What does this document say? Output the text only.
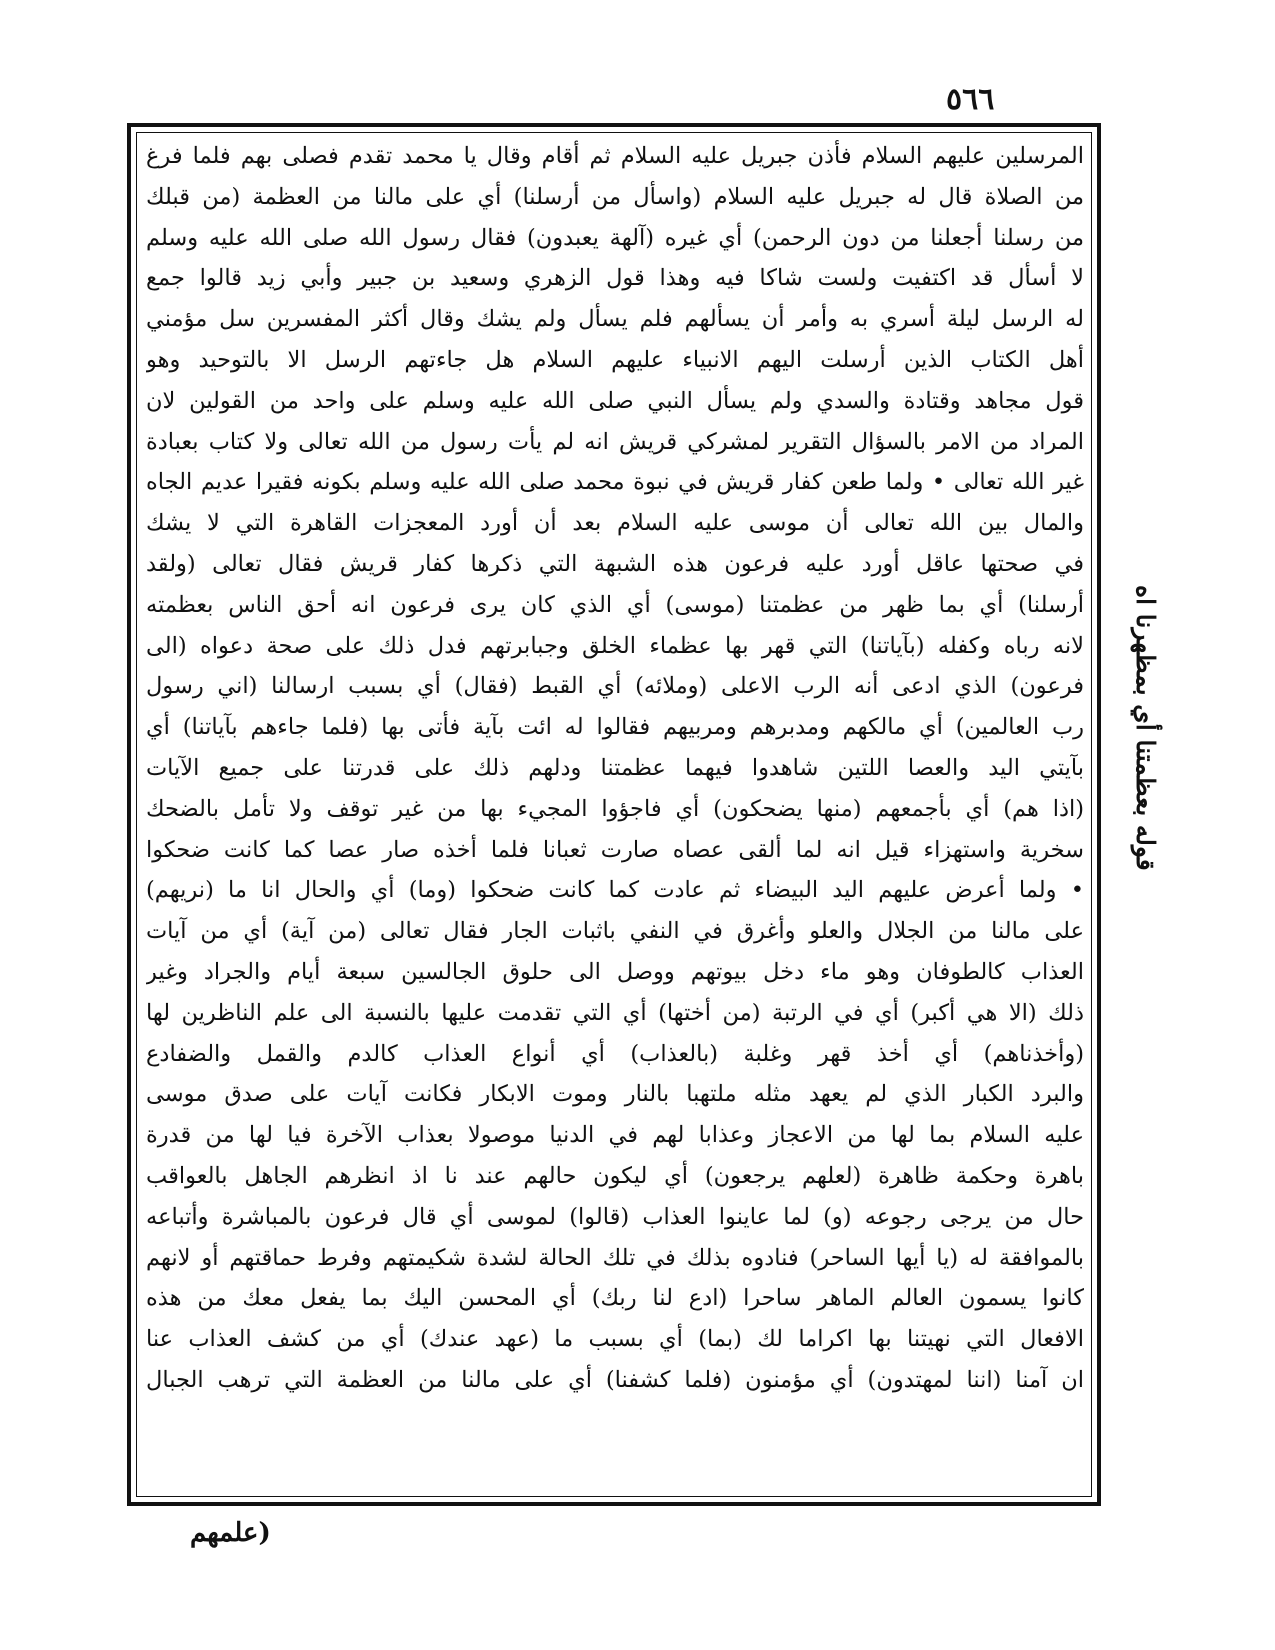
٥٦٦
المرسلين عليهم السلام فأذن جبريل عليه السلام ثم أقام وقال يا محمد تقدم فصلى بهم فلما فرغ
من الصلاة قال له جبريل عليه السلام (واسأل من أرسلنا) أي على مالنا من العظمة (من قبلك
من رسلنا أجعلنا من دون الرحمن) أي غيره (آلهة يعبدون) فقال رسول الله صلى الله عليه وسلم
لا أسأل قد اكتفيت ولست شاكا فيه وهذا قول الزهري وسعيد بن جبير وأبي زيد قالوا جمع
له الرسل ليلة أسري به وأمر أن يسألهم فلم يسأل ولم يشك وقال أكثر المفسرين سل مؤمني
أهل الكتاب الذين أرسلت اليهم الانبياء عليهم السلام هل جاءتهم الرسل الا بالتوحيد وهو
قول مجاهد وقتادة والسدي ولم يسأل النبي صلى الله عليه وسلم على واحد من القولين لان
المراد من الامر بالسؤال التقرير لمشركي قريش انه لم يأت رسول من الله تعالى ولا كتاب بعبادة
غير الله تعالى • ولما طعن كفار قريش في نبوة محمد صلى الله عليه وسلم بكونه فقيرا عديم الجاه
والمال بين الله تعالى أن موسى عليه السلام بعد أن أورد المعجزات القاهرة التي لا يشك
في صحتها عاقل أورد عليه فرعون هذه الشبهة التي ذكرها كفار قريش فقال تعالى (ولقد
أرسلنا) أي بما ظهر من عظمتنا (موسى) أي الذي كان يرى فرعون انه أحق الناس بعظمته
لانه رباه وكفله (بآياتنا) التي قهر بها عظماء الخلق وجبابرتهم فدل ذلك على صحة دعواه (الى
فرعون) الذي ادعى أنه الرب الاعلى (وملائه) أي القبط (فقال) أي بسبب ارسالنا (اني رسول
رب العالمين) أي مالكهم ومدبرهم ومربيهم فقالوا له ائت بآية فأتى بها (فلما جاءهم بآياتنا) أي
بآيتي اليد والعصا اللتين شاهدوا فيهما عظمتنا ودلهم ذلك على قدرتنا على جميع الآيات
(اذا هم) أي بأجمعهم (منها يضحكون) أي فاجؤوا المجيء بها من غير توقف ولا تأمل بالضحك
سخرية واستهزاء قيل انه لما ألقى عصاه صارت ثعبانا فلما أخذه صار عصا كما كانت ضحكوا
• ولما أعرض عليهم اليد البيضاء ثم عادت كما كانت ضحكوا (وما) أي والحال انا ما (نريهم)
على مالنا من الجلال والعلو وأغرق في النفي باثبات الجار فقال تعالى (من آية) أي من آيات
العذاب كالطوفان وهو ماء دخل بيوتهم ووصل الى حلوق الجالسين سبعة أيام والجراد وغير
ذلك (الا هي أكبر) أي في الرتبة (من أختها) أي التي تقدمت عليها بالنسبة الى علم الناظرين لها
(وأخذناهم) أي أخذ قهر وغلبة (بالعذاب) أي أنواع العذاب كالدم والقمل والضفادع
والبرد الكبار الذي لم يعهد مثله ملتهبا بالنار وموت الابكار فكانت آيات على صدق موسى
عليه السلام بما لها من الاعجاز وعذابا لهم في الدنيا موصولا بعذاب الآخرة فيا لها من قدرة
باهرة وحكمة ظاهرة (لعلهم يرجعون) أي ليكون حالهم عند نا اذ انظرهم الجاهل بالعواقب
حال من يرجى رجوعه (و) لما عاينوا العذاب (قالوا) لموسى أي قال فرعون بالمباشرة وأتباعه
بالموافقة له (يا أيها الساحر) فنادوه بذلك في تلك الحالة لشدة شكيمتهم وفرط حماقتهم أو لانهم
كانوا يسمون العالم الماهر ساحرا (ادع لنا ربك) أي المحسن اليك بما يفعل معك من هذه
الافعال التي نهيتنا بها اكراما لك (بما) أي بسبب ما (عهد عندك) أي من كشف العذاب عنا
ان آمنا (اننا لمهتدون) أي مؤمنون (فلما كشفنا) أي على مالنا من العظمة التي ترهب الجبال
قوله بعظمتنا أي بمظهرنا اه
(علمهم
